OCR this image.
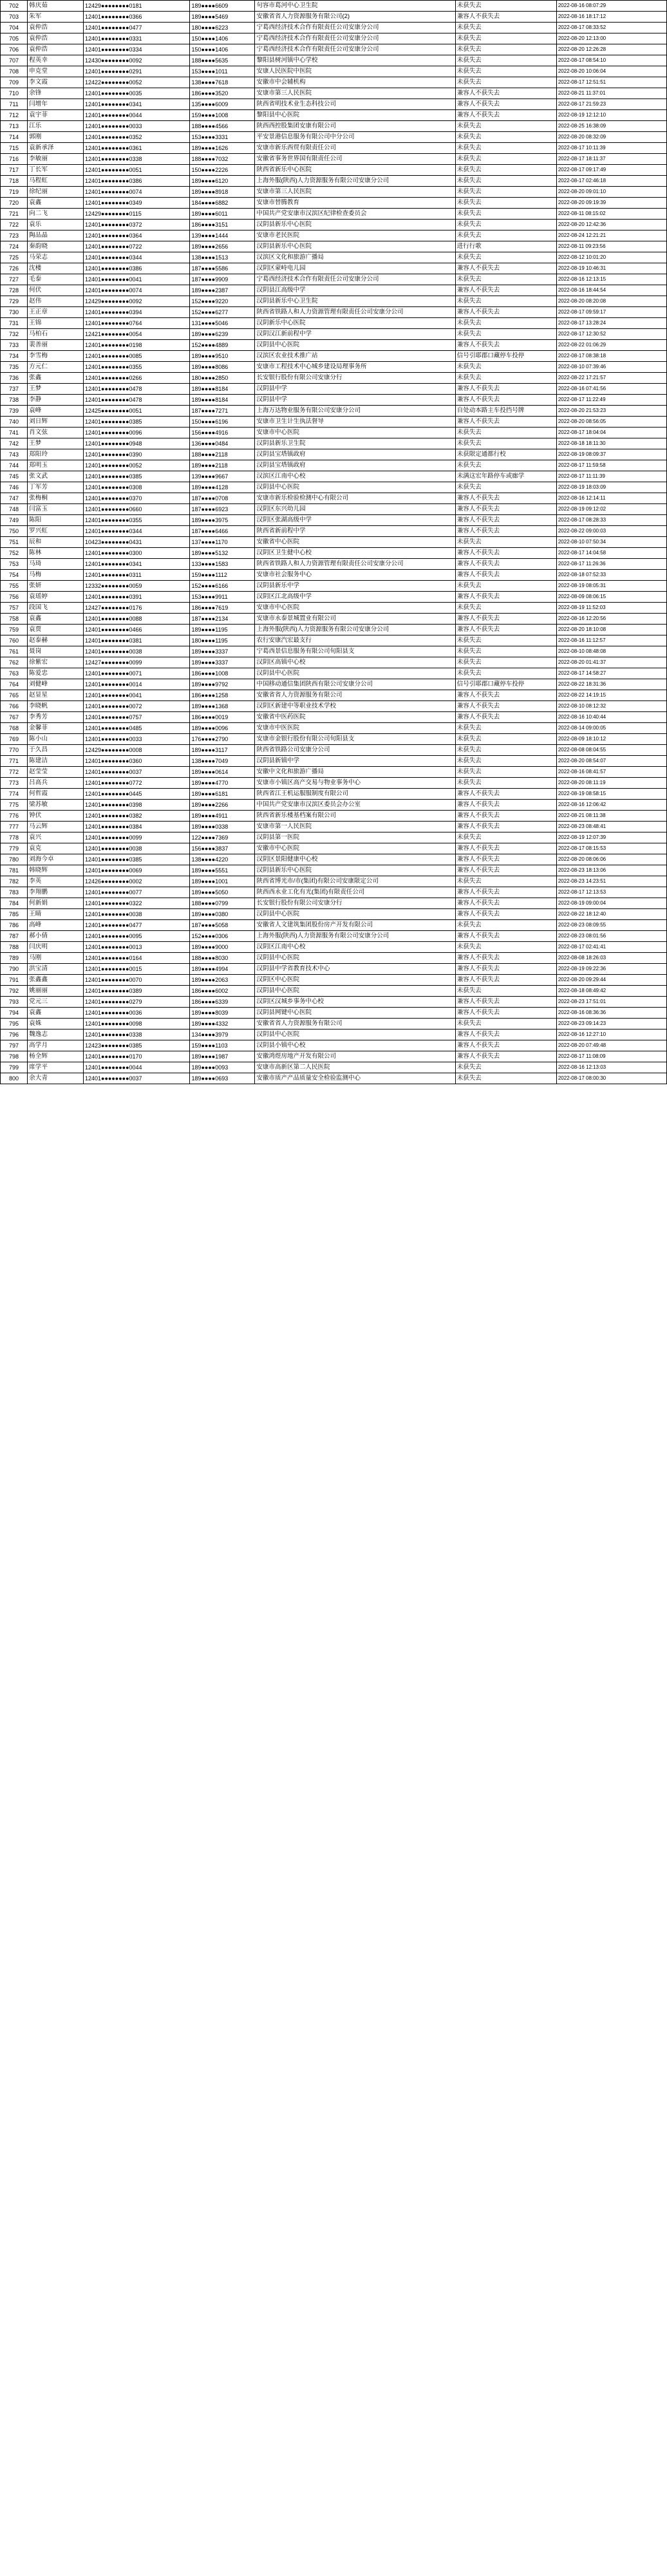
702	韩庆茹	12429●●●●●●●●0181	189●●●●6609	句容市葛河中心卫生院	未获失去	2022-08-16 08:07:29
703	朱军	12401●●●●●●●●0366	189●●●●5469	安徽省省人力资源服务有限公司(2)	兼容人不获失去	2022-08-16 18:17:12
704	袁仲浩	12401●●●●●●●●0477	180●●●●6223	宁葛西经济技术合作有限责任公司安康分公司	未获失去	2022-08-17 08:33:52
705	袁仲浩	12401●●●●●●●●0331	150●●●●1406	宁葛西经济技术合作有限责任公司安康分公司	未获失去	2022-08-20 12:13:00
706	袁仲浩	12401●●●●●●●●0334	150●●●●1406	宁葛西经济技术合作有限责任公司安康分公司	未获失去	2022-08-20 12:26:28
707	程英幸	12430●●●●●●●●0092	188●●●●5635	黎阳县树河镇中心学校	未获失去	2022-08-17 08:54:10
708	申克堂	12401●●●●●●●●0291	153●●●●1011	安康人民医院中医院	未获失去	2022-08-20 10:06:04
709	李文霞	12422●●●●●●●●0052	138●●●●7618	安徽市中会辅机构	未获失去	2022-08-17 12:51:51
710	余锋	12401●●●●●●●●0035	186●●●●3520	安康市第三人民医院	兼容人不获失去	2022-08-21 11:37:01
711	闫增年	12401●●●●●●●●0341	135●●●●6009	陕西省明技术业生态科技公司	兼容人不获失去	2022-08-17 21:59:23
712	袁宇菲	12401●●●●●●●●0044	159●●●●1008	黎阳县中心医院	兼容人不获失去	2022-08-19 12:12:10
713	江乐	12401●●●●●●●●0033	188●●●●4566	陕西西控股集团安康有限公司	未获失去	2022-08-25 16:38:09
714	郭刚	12401●●●●●●●●0352	153●●●●3331	平安景港信息服务有限公司中分公司	未获失去	2022-08-20 08:32:09
715	袁新承泽	12401●●●●●●●●0361	189●●●●1626	安康市新乐西贸有限责任公司	未获失去	2022-08-17 10:11:39
716	李敏丽	12401●●●●●●●●0338	188●●●●7032	安徽省事务世界国有限责任公司	未获失去	2022-08-17 18:11:37
717	丁长军	12401●●●●●●●●0051	150●●●●2226	陕西省新乐中心医院	未获失去	2022-08-17 09:17:49
718	马程虹	12401●●●●●●●●0386	189●●●●6120	上海外服(陕西)人力资源服务有限公司安康分公司	未获失去	2022-08-17 02:46:18
719	徐纪丽	12401●●●●●●●●0074	189●●●●8918	安康市第三人民医院	未获失去	2022-08-20 09:01:10
720	袁鑫	12401●●●●●●●●0349	184●●●●6882	安康市替腾教育	未获失去	2022-08-20 09:19:39
721	向二飞	12429●●●●●●●●0115	189●●●●6011	中国共产党安康市汉滨区纪律检查委员会	未获失去	2022-08-11 08:15:02
722	袁乐	12401●●●●●●●●0372	186●●●●3151	汉阴县新乐中心医院	未获失去	2022-08-20 12:42:36
723	陶品晶	12401●●●●●●●●0364	139●●●●1444	安康市老民医院	未获失去	2022-08-24 12:21:21
724	秦韵晓	12401●●●●●●●●0722	189●●●●2656	汉阴县新乐中心医院	进行行歌	2022-08-11 09:23:56
725	马荣志	12401●●●●●●●●0344	138●●●●1513	汉滨区文化和旅游广播局	未获失去	2022-08-12 10:01:20
726	沈楼	12401●●●●●●●●0386	187●●●●5586	汉阴区蒙峙电儿园	兼容人不获失去	2022-08-19 10:46:31
727	毛泰	12401●●●●●●●●0041	187●●●●9909	宁葛西经济技术合作有限责任公司安康分公司	未获失去	2022-08-16 12:13:15
728	何伏	12401●●●●●●●●0074	189●●●●2387	汉阴县江高级中学	兼容人不获失去	2022-08-16 18:44:54
729	赵伟	12429●●●●●●●●0092	152●●●●9220	汉阴县新乐中心卫生院	未获失去	2022-08-20 08:20:08
730	王正章	12401●●●●●●●●0394	152●●●●6277	陕西省铁路人和人力资源管理有限责任公司安康分公司	兼容人不获失去	2022-08-17 09:59:17
731	王锦	12401●●●●●●●●0764	131●●●●5046	汉阴新乐中心医院	未获失去	2022-08-17 13:28:24
732	马柏石	12421●●●●●●●●0054	189●●●●6239	汉阴汉江新前程中学	未获失去	2022-08-17 12:30:52
733	裴善丽	12401●●●●●●●●0198	152●●●●4889	汉阴县中心医院	兼容人不获失去	2022-08-22 01:06:29
734	李雪梅	12401●●●●●●●●0085	189●●●●9510	汉滨区农业技术推广站	信号引耶郡口藏停车投停	2022-08-17 08:38:18
735	方元仁	12401●●●●●●●●0355	189●●●●8086	安康市工程技术中心城乡建设局理事务所	未获失去	2022-08-10 07:39:46
736	张鑫	12401●●●●●●●●0266	180●●●●2850	长安银行股份有限公司安康分行	未获失去	2022-08-22 17:21:57
737	王梦	12401●●●●●●●●0478	189●●●●8184	汉阴县中学	兼容人不获失去	2022-08-16 07:41:56
738	李静	12401●●●●●●●●0478	189●●●●8184	汉阴县中学	兼容人不获失去	2022-08-17 11:22:49
739	袁峰	12425●●●●●●●●0051	187●●●●7271	上海万达物业服务有限公司安康分公司	自处动本路主车投挡号牌	2022-08-20 21:53:23
740	刘日辉	12401●●●●●●●●0385	150●●●●6196	安康市卫生计生执法督导	兼容人不获失去	2022-08-20 08:56:05
741	肖文弦	12401●●●●●●●●0096	156●●●●4916	安康市中心医院	未获失去	2022-08-17 18:04:04
742	王梦	12401●●●●●●●●0948	136●●●●0484	汉阴县新乐卫生院	未获失去	2022-08-18 18:11:30
743	郑阳玲	12401●●●●●●●●0390	188●●●●2118	汉阴县宝塔镇政府	未获限定通都行校	2022-08-19 08:09:37
744	郑明玉	12401●●●●●●●●0052	189●●●●2118	汉阴县宝塔镇政府	未获失去	2022-08-17 11:59:58
745	张文武	12401●●●●●●●●0385	139●●●●9667	汉滨区江南中心校	未满这宏年路停车或廊学	2022-08-17 11:11:39
746	丁军芳	12401●●●●●●●●0308	189●●●●4128	汉阴县中心医院	未获失去	2022-08-19 18:03:09
747	张梅桐	12401●●●●●●●●0370	187●●●●0708	安康市新乐检验检测中心有限公司	兼容人不获失去	2022-08-16 12:14:11
748	闫富玉	12401●●●●●●●●0660	187●●●●6923	汉阴区东兴幼儿园	兼容人不获失去	2022-08-19 09:12:02
749	陈阳	12401●●●●●●●●0355	189●●●●3975	汉阴区张湖高级中学	兼容人不获失去	2022-08-17 08:28:33
750	罗兴虹	12401●●●●●●●●0344	187●●●●6466	陕西省新前程中学	兼容人不获失去	2022-08-22 09:00:03
751	辰和	10423●●●●●●●●0431	137●●●●1170	安徽省中心医院	未获失去	2022-08-10 07:50:34
752	陈林	12401●●●●●●●●0300	189●●●●5132	汉阴区卫生健中心校	兼容人不获失去	2022-08-17 14:04:58
753	马琦	12401●●●●●●●●0341	133●●●●1583	陕西省铁路人和人力资源管理有限责任公司安康分公司	兼容人不获失去	2022-08-17 11:26:36
754	马梅	12401●●●●●●●●0311	159●●●●1112	安康市社会服务中心	兼容人不获失去	2022-08-18 07:52:33
755	张妍	12332●●●●●●●●0059	152●●●●6166	汉阴县新乐中学	未获失去	2022-08-19 08:05:31
756	袁瑶婷	12401●●●●●●●●0391	153●●●●9911	汉阴区江北高级中学	兼容人不获失去	2022-08-09 08:06:15
757	段国飞	12427●●●●●●●●0176	186●●●●7619	安康市中心医院	未获失去	2022-08-19 11:52:03
758	袁鑫	12401●●●●●●●●0088	187●●●●2134	安康市永泰景城置业有限公司	兼容人不获失去	2022-08-16 12:20:56
759	袁贾	12401●●●●●●●●0466	189●●●●1195	上海外服(陕西)人力资源服务有限公司安康分公司	兼容人不获失去	2022-08-20 18:10:08
760	赵泰赫	12401●●●●●●●●0381	180●●●●1195	农行安康汽宏最支行	未获失去	2022-08-16 11:12:57
761	聂岗	12401●●●●●●●●0038	189●●●●3337	宁葛西景信息服务有限公司旬阳县支	未获失去	2022-08-10 08:48:08
762	徐紫宏	12427●●●●●●●●0099	189●●●●3337	汉阴区高镇中心校	未获失去	2022-08-20 01:41:37
763	陈爱忠	12401●●●●●●●●0071	186●●●●1008	汉阴县中心医院	未获失去	2022-08-17 14:58:27
764	刘健峰	12401●●●●●●●●0014	189●●●●9792	中国移动通信集团陕西有限公司安康分公司	信号引耶郡口藏停车投停	2022-08-22 18:31:36
765	赵显星	12401●●●●●●●●0041	186●●●●1258	安徽省省人力资源服务有限公司	兼容人不获失去	2022-08-22 14:19:15
766	李晓帆	12401●●●●●●●●0072	189●●●●1368	汉阴区新建中等职业技术学校	兼容人不获失去	2022-08-10 08:12:32
767	李秀芳	12401●●●●●●●●0757	186●●●●0019	安徽省中医药医院	兼容人不获失去	2022-08-16 10:40:44
768	金馨菲	12401●●●●●●●●0485	189●●●●0096	安康市中医医院	未获失去	2022-08-14 09:00:05
769	陈小山	12401●●●●●●●●0033	176●●●●2790	安康市金银行股份有限公司旬阳县支	未获失去	2022-08-09 18:10:12
770	于久昌	12429●●●●●●●●0008	189●●●●3117	陕西省铁路公司安康分公司	未获失去	2022-08-08 08:04:55
771	陈建洁	12401●●●●●●●●0360	138●●●●7049	汉阴县新镇中学	未获失去	2022-08-20 08:54:07
772	赵莹莹	12401●●●●●●●●0037	189●●●●0614	安徽中文化和旅游广播局	未获失去	2022-08-16 08:41:57
773	吕高兵	12401●●●●●●●●0772	189●●●●4770	安康市小镇区高产交易与物业事务中心	未获失去	2022-08-20 08:11:19
774	何哲霞	12401●●●●●●●●0445	189●●●●6181	陕西省江王机运服服制度有限公司	兼容人不获失去	2022-08-19 08:58:15
775	梁苏敏	12401●●●●●●●●0398	189●●●●2266	中国共产党安康市汉滨区委员会办公室	兼容人不获失去	2022-08-16 12:06:42
776	钟伏	12401●●●●●●●●0382	189●●●●4911	陕西省新乐楼基档案有限公司	兼容人不获失去	2022-08-21 08:11:38
777	马云辉	12401●●●●●●●●0384	189●●●●0338	安康市第一人民医院	兼容人不获失去	2022-08-23 08:48:41
778	袁兴	12401●●●●●●●●0099	122●●●●7369	汉阴县第一医院	未获失去	2022-08-19 12:07:39
779	袁克	12401●●●●●●●●0038	156●●●●3837	安徽市中心医院	兼容人不获失去	2022-08-17 08:15:53
780	刘海今卓	12401●●●●●●●●0385	138●●●●4220	汉阴区景阳健康中心校	兼容人不获失去	2022-08-20 08:06:06
781	韩晓辉	12401●●●●●●●●0069	189●●●●5551	汉阴县新乐中心医院	兼容人不获失去	2022-08-23 18:13:06
782	李英	12426●●●●●●●●0002	189●●●●1001	陕西省博光市/市(集团)有限公司安康限定公司	未获失去	2022-08-23 14:23:51
783	李翔鹏	12401●●●●●●●●0077	189●●●●5050	陕西西永业工化有光(集团)有限责任公司	兼容人不获失去	2022-08-17 12:13:53
784	何新娟	12401●●●●●●●●0322	188●●●●0799	长安银行股份有限公司安康分行	兼容人不获失去	2022-08-19 09:00:04
785	王睛	12401●●●●●●●●0038	189●●●●0380	汉阴县中心医院	兼容人不获失去	2022-08-22 18:12:40
786	高峰	12401●●●●●●●●0477	187●●●●5058	安徽省人文建筑集团股份房产开发有限公司	未获失去	2022-08-23 08:09:55
787	郝小倩	12401●●●●●●●●0095	152●●●●0306	上海外服(陕西)人力资源服务有限公司安康分公司	兼容人不获失去	2022-08-23 08:01:56
788	闫庆明	12401●●●●●●●●0013	189●●●●9000	汉阴区江南中心校	未获失去	2022-08-17 02:41:41
789	马刚	12401●●●●●●●●0164	188●●●●8030	汉阴县中心医院	兼容人不获失去	2022-08-08 18:26:03
790	洪宝清	12401●●●●●●●●0015	189●●●●4994	汉阴县中学省教育技术中心	兼容人不获失去	2022-08-19 09:22:36
791	张鑫鑫	12401●●●●●●●●0070	189●●●●2063	汉阴区中心医院	兼容人不获失去	2022-08-20 09:29:44
792	姚丽丽	12401●●●●●●●●0389	186●●●●6002	汉阴县中心医院	未获失去	2022-08-18 08:49:42
793	党元三	12401●●●●●●●●0279	186●●●●6339	汉阴区汉城乡事务中心校	兼容人不获失去	2022-08-23 17:51:01
794	袁鑫	12401●●●●●●●●0036	189●●●●8039	汉阴县网键中心医院	兼容人不获失去	2022-08-16 08:36:36
795	袁姝	12401●●●●●●●●0098	189●●●●4332	安徽省省人力资源服务有限公司	未获失去	2022-08-23 09:14:23
796	魏逸志	12401●●●●●●●●0338	134●●●●3979	汉阴县中心医院	兼容人不获失去	2022-08-16 12:27:10
797	高学月	12423●●●●●●●●0385	159●●●●1103	汉阴县小镇中心校	兼容人不获失去	2022-08-20 07:49:48
798	杨全辉	12401●●●●●●●●0170	189●●●●1987	安徽鸿煜房地产开发有限公司	兼容人不获失去	2022-08-17 11:08:09
799	席学平	12401●●●●●●●●0044	189●●●●0093	安康市高新区第二人民医院	未获失去	2022-08-16 12:13:03
800	余大青	12401●●●●●●●●0037	189●●●●0693	安徽市质产产品质量安全检验监测中心	未获失去	2022-08-17 08:00:30
